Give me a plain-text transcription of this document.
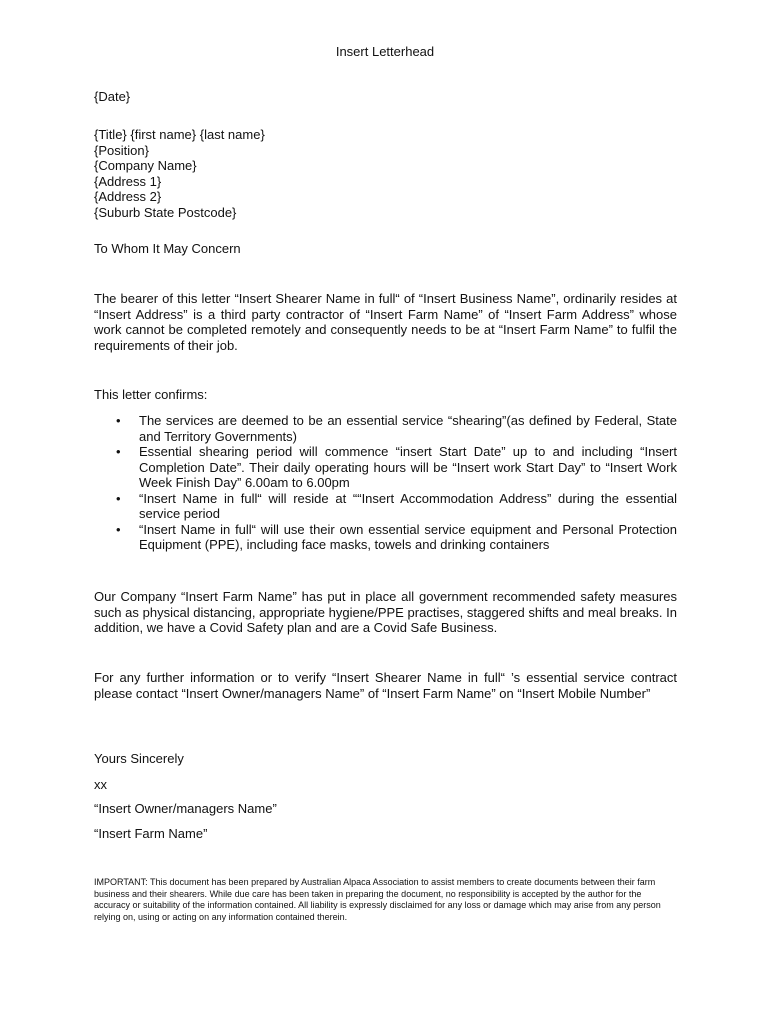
Insert Letterhead
{Date}
{Title} {first name} {last name}
{Position}
{Company Name}
{Address 1}
{Address 2}
{Suburb State Postcode}
To Whom It May Concern
The bearer of this letter “Insert Shearer Name in full“ of “Insert Business Name”, ordinarily resides at “Insert Address” is a third party contractor of “Insert Farm Name” of “Insert Farm Address” whose work cannot be completed remotely and consequently needs to be at “Insert Farm Name” to fulfil the requirements of their job.
This letter confirms:
• The services are deemed to be an essential service “shearing”(as defined by Federal, State and Territory Governments)
• Essential shearing period will commence “insert Start Date” up to and including “Insert Completion Date”. Their daily operating hours will be “Insert work Start Day” to “Insert Work Week Finish Day” 6.00am to 6.00pm
• “Insert Name in full“ will reside at ““Insert Accommodation Address” during the essential service period
• “Insert Name in full“ will use their own essential service equipment and Personal Protection Equipment (PPE), including face masks, towels and drinking containers
Our Company “Insert Farm Name” has put in place all government recommended safety measures such as physical distancing, appropriate hygiene/PPE practises, staggered shifts and meal breaks. In addition, we have a Covid Safety plan and are a Covid Safe Business.
For any further information or to verify “Insert Shearer Name in full“ ’s essential service contract please contact “Insert Owner/managers Name” of “Insert Farm Name” on “Insert Mobile Number”
Yours Sincerely
xx
“Insert Owner/managers Name”
“Insert Farm Name”
IMPORTANT: This document has been prepared by Australian Alpaca Association to assist members to create documents between their farm business and their shearers. While due care has been taken in preparing the document, no responsibility is accepted by the author for the accuracy or suitability of the information contained. All liability is expressly disclaimed for any loss or damage which may arise from any person relying on, using or acting on any information contained therein.
